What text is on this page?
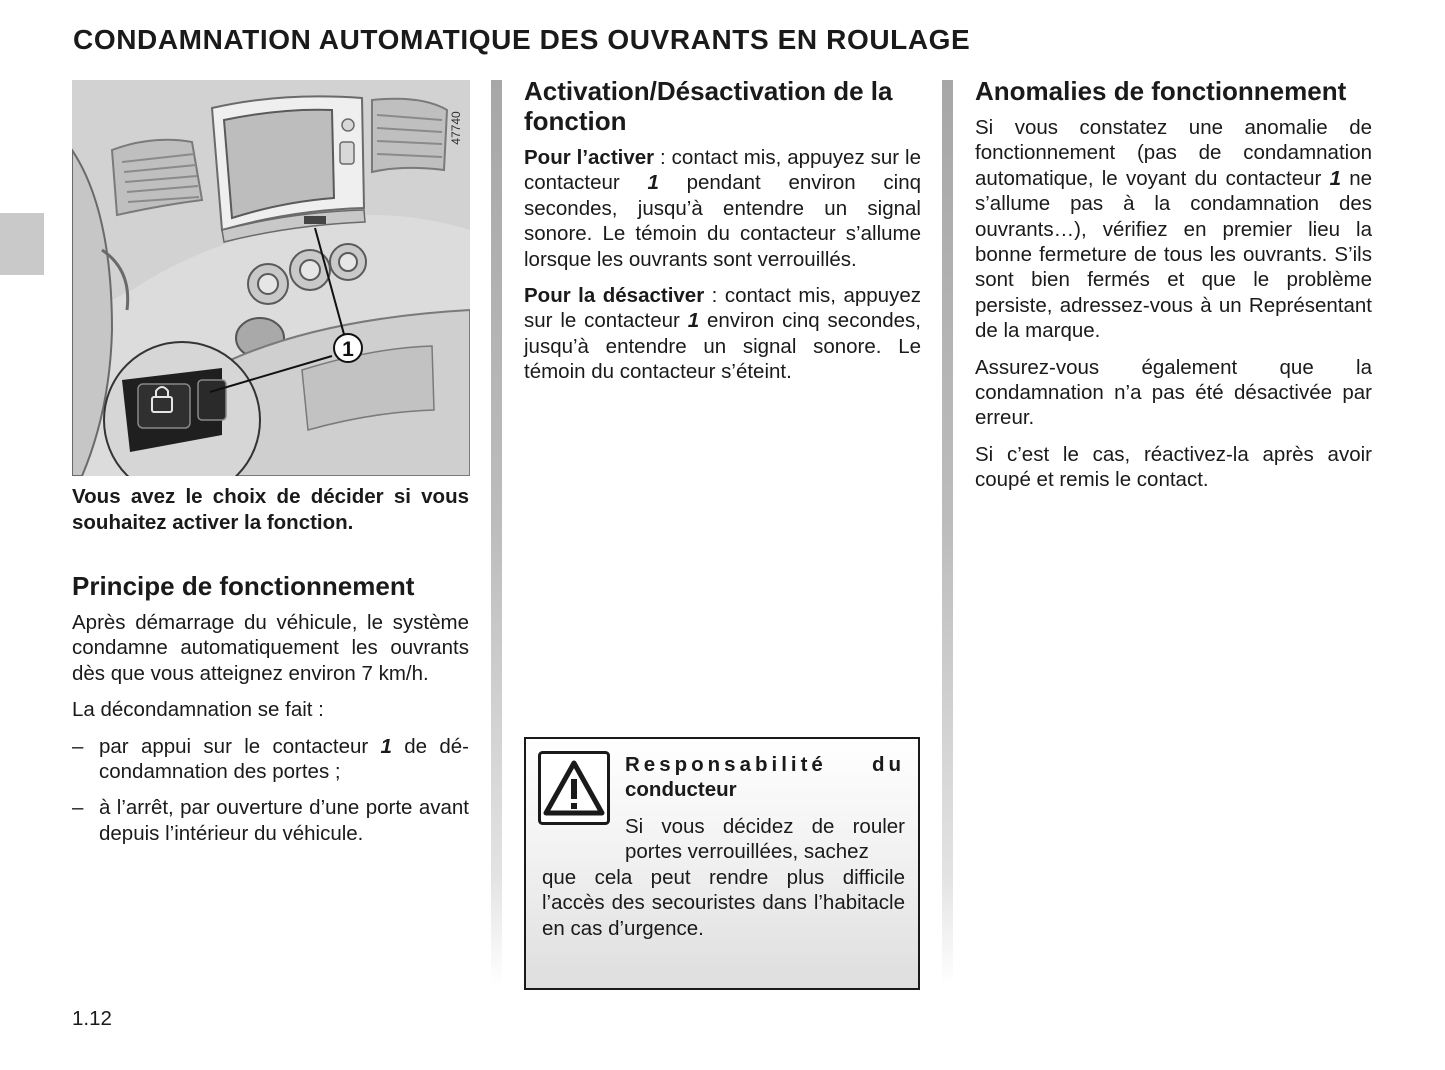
CONDAMNATION AUTOMATIQUE DES OUVRANTS EN ROULAGE
1
47740
Vous avez le choix de décider si vous souhaitez activer la fonction.
Principe de fonctionnement

Après démarrage du véhicule, le système condamne automatiquement les ouvrants dès que vous atteignez environ 7 km/h.

La décondamnation se fait :

– par appui sur le contacteur 1 de décondamnation des portes ;
– à l’arrêt, par ouverture d’une porte avant depuis l’intérieur du véhicule.
Activation/Désactivation de la fonction

Pour l’activer : contact mis, appuyez sur le contacteur 1 pendant environ cinq secondes, jusqu’à entendre un signal sonore. Le témoin du contacteur s’allume lorsque les ouvrants sont verrouillés.

Pour la désactiver : contact mis, appuyez sur le contacteur 1 environ cinq secondes, jusqu’à entendre un signal sonore. Le témoin du contacteur s’éteint.

Responsabilité du
conducteur
Si vous décidez de rouler portes verrouillées, sachez
que cela peut rendre plus difficile l’accès des secouristes dans l’habitacle en cas d’urgence.
Anomalies de fonctionnement

Si vous constatez une anomalie de fonctionnement (pas de condamnation automatique, le voyant du contacteur 1 ne s’allume pas à la condamnation des ouvrants…), vérifiez en premier lieu la bonne fermeture de tous les ouvrants. S’ils sont bien fermés et que le problème persiste, adressez-vous à un Représentant de la marque.

Assurez-vous également que la condamnation n’a pas été désactivée par erreur.

Si c’est le cas, réactivez-la après avoir coupé et remis le contact.

1.12
